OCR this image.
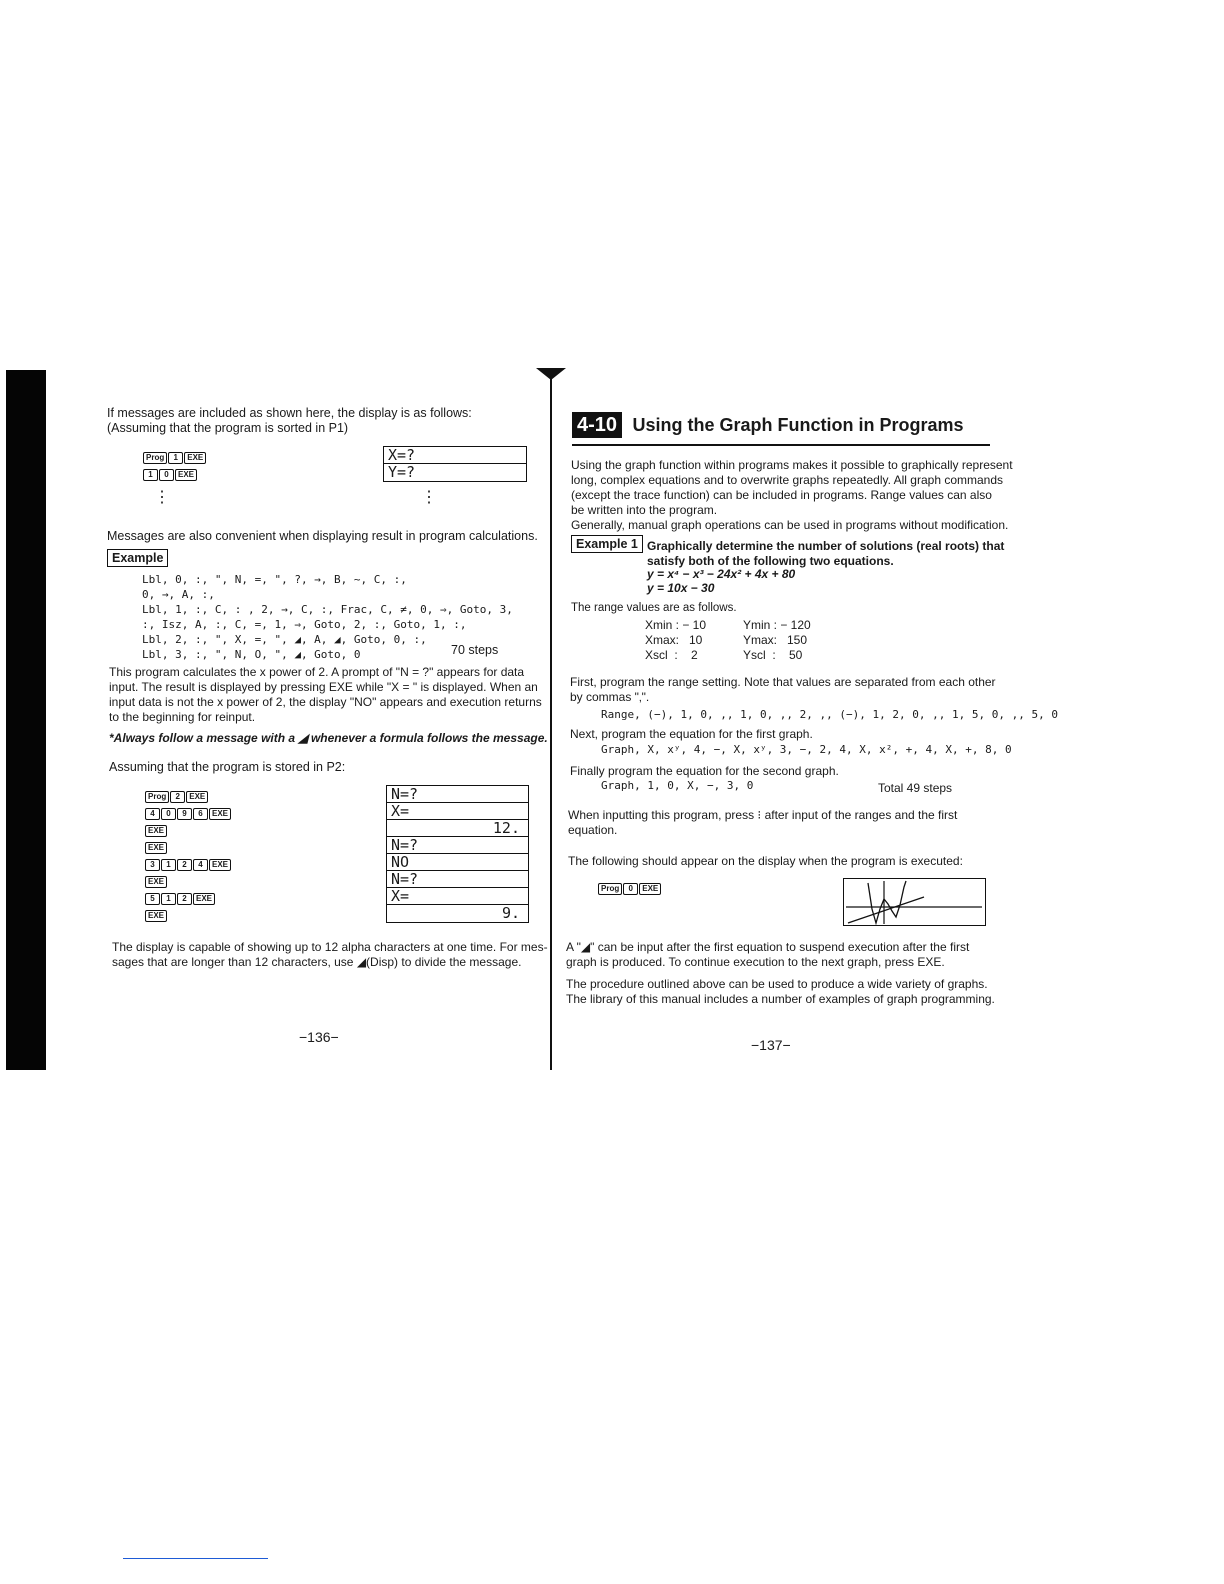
If messages are included as shown here, the display is as follows:
(Assuming that the program is sorted in P1)
Prog 1 EXE
1 0 EXE
X=?
Y=?
⋮	⋮
Messages are also convenient when displaying result in program calculations.
Example
Lbl, 0, :, ", N, =, ", ?, →, B, ~, C, :,
0, →, A, :,
Lbl, 1, :, C, : , 2, →, C, :, Frac, C, ≠, 0, ⇒, Goto, 3,
:, Isz, A, :, C, =, 1, ⇒, Goto, 2, :, Goto, 1, :,
Lbl, 2, :, ", X, =, ", ◢, A, ◢, Goto, 0, :,
Lbl, 3, :, ", N, O, ", ◢, Goto, 0	70 steps
This program calculates the x power of 2. A prompt of "N = ?" appears for data
input. The result is displayed by pressing EXE while "X = " is displayed. When an
input data is not the x power of 2, the display "NO" appears and execution returns
to the beginning for reinput.
*Always follow a message with a ◢ whenever a formula follows the message.
Assuming that the program is stored in P2:
Prog 2 EXE
4 0 9 6 EXE
EXE
EXE
3 1 2 4 EXE
EXE
5 1 2 EXE
EXE
N=?
X=
12.
N=?
NO
N=?
X=
9.
The display is capable of showing up to 12 alpha characters at one time. For mes-
sages that are longer than 12 characters, use ◢(Disp) to divide the message.
−136−
4-10 Using the Graph Function in Programs
Using the graph function within programs makes it possible to graphically represent
long, complex equations and to overwrite graphs repeatedly. All graph commands
(except the trace function) can be included in programs. Range values can also
be written into the program.
Generally, manual graph operations can be used in programs without modification.
Example 1 Graphically determine the number of solutions (real roots) that
satisfy both of the following two equations.
y = x⁴ − x³ − 24x² + 4x + 80
y = 10x − 30
The range values are as follows.
Xmin : − 10	Ymin : − 120
Xmax:   10	Ymax:   150
Xscl  :    2	Yscl  :    50
First, program the range setting. Note that values are separated from each other
by commas "‚".
Range, (−), 1, 0, ‚, 1, 0, ‚, 2, ‚, (−), 1, 2, 0, ‚, 1, 5, 0, ‚, 5, 0
Next, program the equation for the first graph.
Graph, X, xʸ, 4, −, X, xʸ, 3, −, 2, 4, X, x², +, 4, X, +, 8, 0
Finally program the equation for the second graph.
Graph, 1, 0, X, −, 3, 0	Total 49 steps
When inputting this program, press ⁝ after input of the ranges and the first
equation.
The following should appear on the display when the program is executed:
Prog 0 EXE
A "◢" can be input after the first equation to suspend execution after the first
graph is produced. To continue execution to the next graph, press EXE.
The procedure outlined above can be used to produce a wide variety of graphs.
The library of this manual includes a number of examples of graph programming.
−137−
